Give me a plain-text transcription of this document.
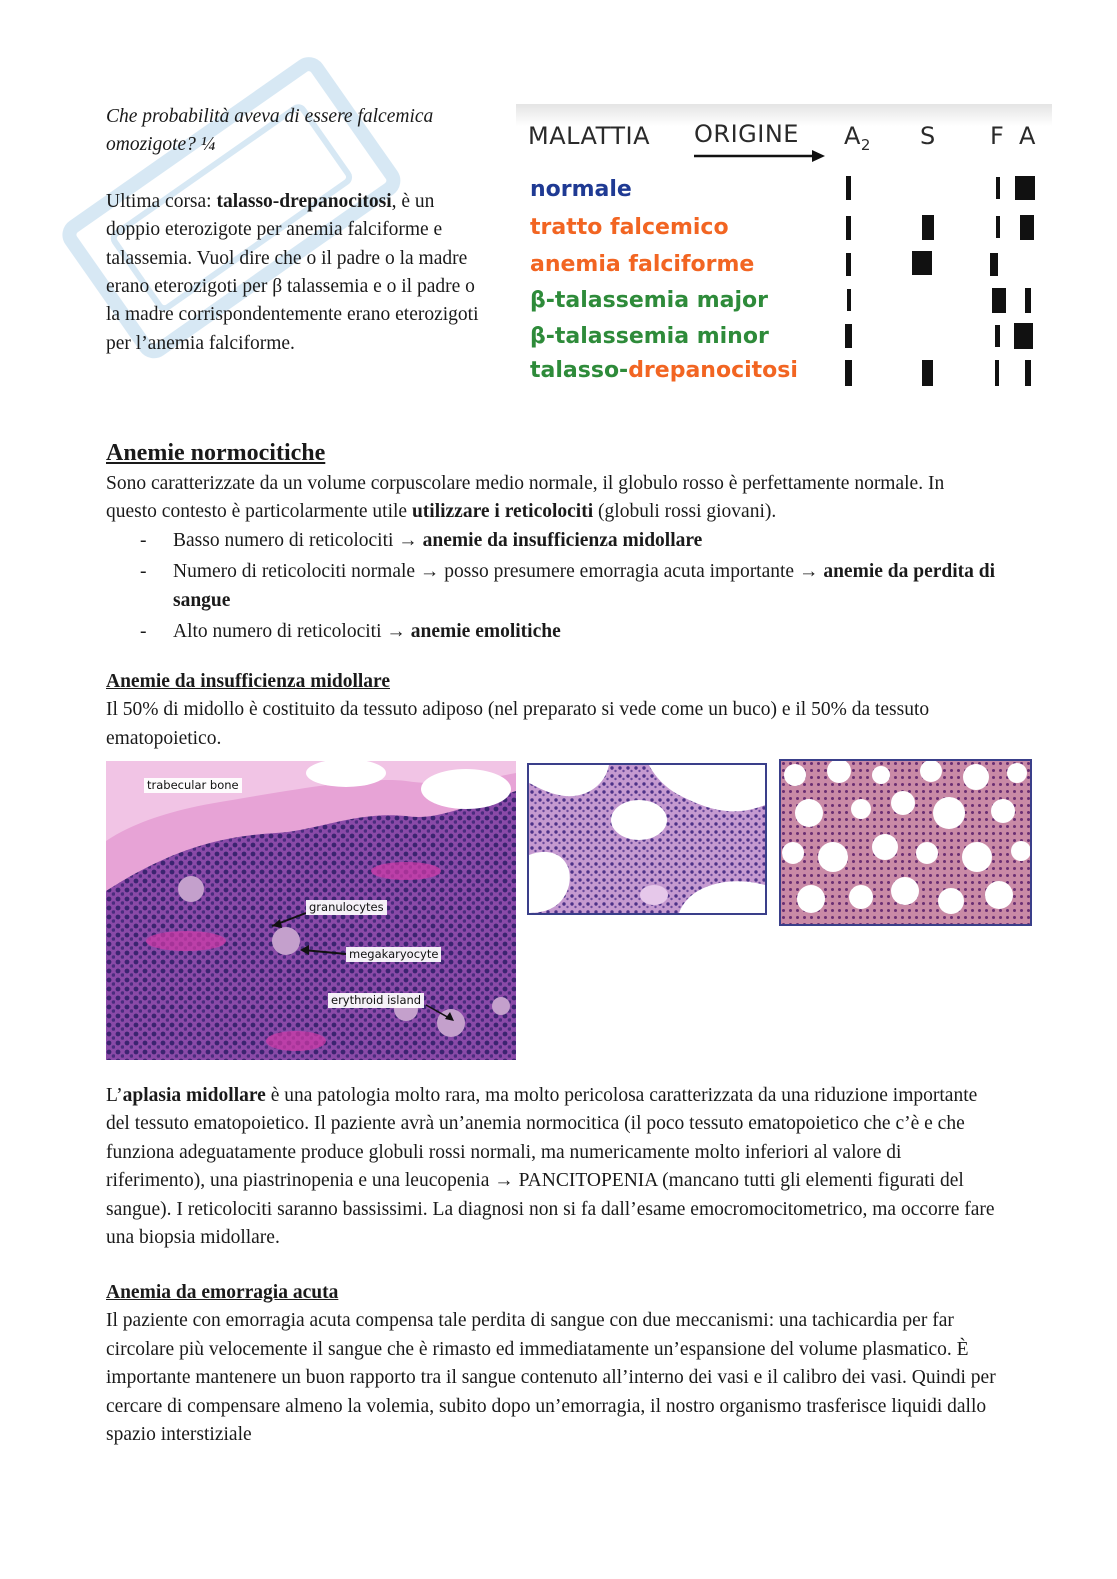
Che probabilità aveva di essere falcemica omozigote? ¼
Ultima corsa: talasso-drepanocitosi, è un doppio eterozigote per anemia falciforme e talassemia. Vuol dire che o il padre o la madre erano eterozigoti per β talassemia e o il padre o la madre corrispondentemente erano eterozigoti per l’anemia falciforme.
MALATTIA ORIGINE $A_2$ S F A
normale
tratto falcemico
anemia falciforme
β-talassemia major
β-talassemia minor
talasso-drepanocitosi
Anemie normocitiche

Sono caratterizzate da un volume corpuscolare medio normale, il globulo rosso è perfettamente normale. In questo contesto è particolarmente utile utilizzare i reticolociti (globuli rossi giovani).

- Basso numero di reticolociti → anemie da insufficienza midollare
- Numero di reticolociti normale → posso presumere emorragia acuta importante → anemie da perdita di sangue
- Alto numero di reticolociti → anemie emolitiche
Anemie da insufficienza midollare

Il 50% di midollo è costituito da tessuto adiposo (nel preparato si vede come un buco) e il 50% da tessuto ematopoietico.

trabecular bone
granulocytes
megakaryocyte
erythroid island
L’aplasia midollare è una patologia molto rara, ma molto pericolosa caratterizzata da una riduzione importante del tessuto ematopoietico. Il paziente avrà un’anemia normocitica (il poco tessuto ematopoietico che c’è e che funziona adeguatamente produce globuli rossi normali, ma numericamente molto inferiori al valore di riferimento), una piastrinopenia e una leucopenia → PANCITOPENIA (mancano tutti gli elementi figurati del sangue). I reticolociti saranno bassissimi. La diagnosi non si fa dall’esame emocromocitometrico, ma occorre fare una biopsia midollare.
Anemia da emorragia acuta

Il paziente con emorragia acuta compensa tale perdita di sangue con due meccanismi: una tachicardia per far circolare più velocemente il sangue che è rimasto ed immediatamente un’espansione del volume plasmatico. È importante mantenere un buon rapporto tra il sangue contenuto all’interno dei vasi e il calibro dei vasi. Quindi per cercare di compensare almeno la volemia, subito dopo un’emorragia, il nostro organismo trasferisce liquidi dallo spazio interstiziale
